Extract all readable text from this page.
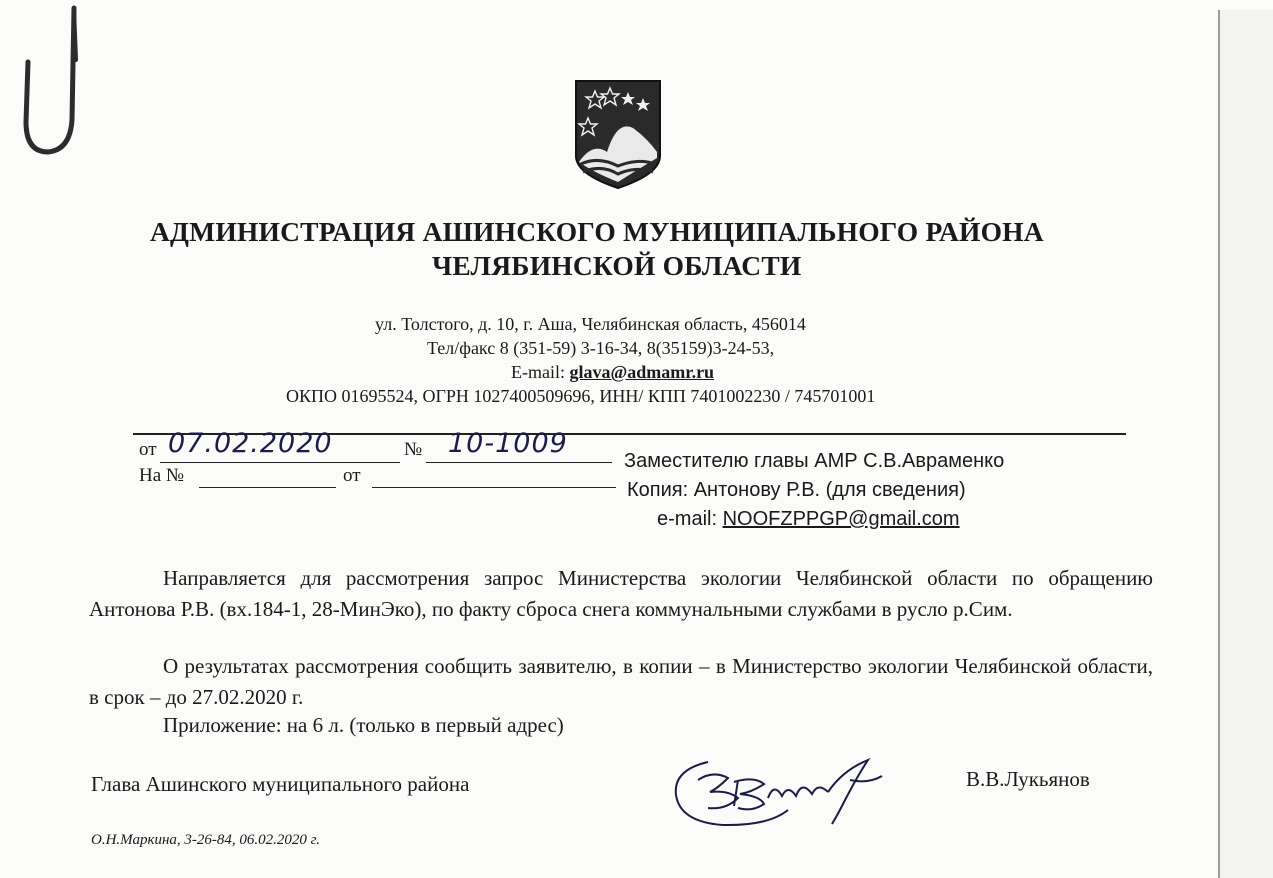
АДМИНИСТРАЦИЯ АШИНСКОГО МУНИЦИПАЛЬНОГО РАЙОНА
ЧЕЛЯБИНСКОЙ ОБЛАСТИ
ул. Толстого, д. 10, г. Аша, Челябинская область, 456014
Тел/факс 8 (351-59) 3-16-34, 8(35159)3-24-53,
E-mail: glava@admamr.ru
ОКПО 01695524, ОГРН 1027400509696, ИНН/ КПП 7401002230 / 745701001
от 07.02.2020	№ 10-1009
На №	от
Заместителю главы АМР С.В.Авраменко
Копия: Антонову Р.В. (для сведения)
e-mail: NOOFZPPGP@gmail.com
Направляется для рассмотрения запрос Министерства экологии Челябинской области по обращению Антонова Р.В. (вх.184-1, 28-МинЭко), по факту сброса снега коммунальными службами в русло р.Сим.
О результатах рассмотрения сообщить заявителю, в копии – в Министерство экологии Челябинской области, в срок – до 27.02.2020 г.
Приложение: на 6 л. (только в первый адрес)
Глава Ашинского муниципального района	В.В.Лукьянов
О.Н.Маркина, 3-26-84, 06.02.2020 г.
